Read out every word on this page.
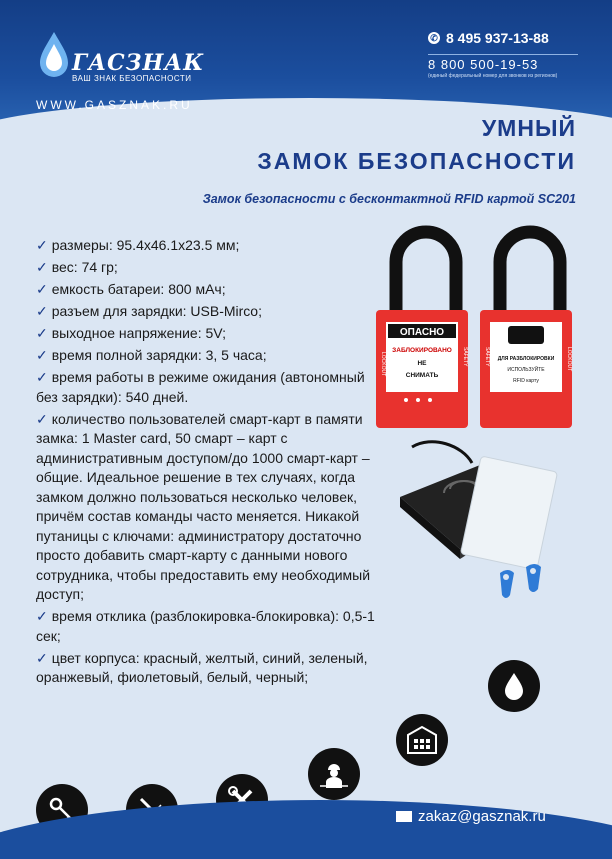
ГАСЗНАК
ВАШ ЗНАК БЕЗОПАСНОСТИ
WWW.GASZNAK.RU
✆ 8 495 937-13-88
8 800 500-19-53
(единый федеральный номер для звонков из регионов)
УМНЫЙ
ЗАМОК БЕЗОПАСНОСТИ
Замок безопасности с бесконтактной RFID картой SC201
✓ размеры: 95.4х46.1х23.5 мм;
✓ вес: 74 гр;
✓ емкость батареи: 800 мАч;
✓ разъем для зарядки: USB-Mirco;
✓ выходное напряжение: 5V;
✓ время полной зарядки: 3, 5 часа;
✓ время работы в режиме ожидания (автономный без зарядки): 540 дней.
✓ количество пользователей смарт-карт в памяти замка: 1 Master card, 50 смарт – карт с административным доступом/до 1000 смарт-карт – общие. Идеальное решение в тех случаях, когда замком должно пользоваться несколько человек, причём состав команды часто меняется. Никакой путаницы с ключами: администратору достаточно просто добавить смарт-карту с данными нового сотрудника, чтобы предоставить ему необходимый доступ;
✓ время отклика (разблокировка-блокировка): 0,5-1 сек;
✓ цвет корпуса: красный, желтый, синий, зеленый, оранжевый, фиолетовый, белый, черный;
ОПАСНО
ЗАБЛОКИРОВАНО
НЕ
СНИМАТЬ
LOCKOUT	SAFETY	ДЛЯ РАЗБЛОКИРОВКИ
ИСПОЛЬЗУЙТЕ
RFID карту
SAFETY	LOCKOUT
zakaz@gasznak.ru
